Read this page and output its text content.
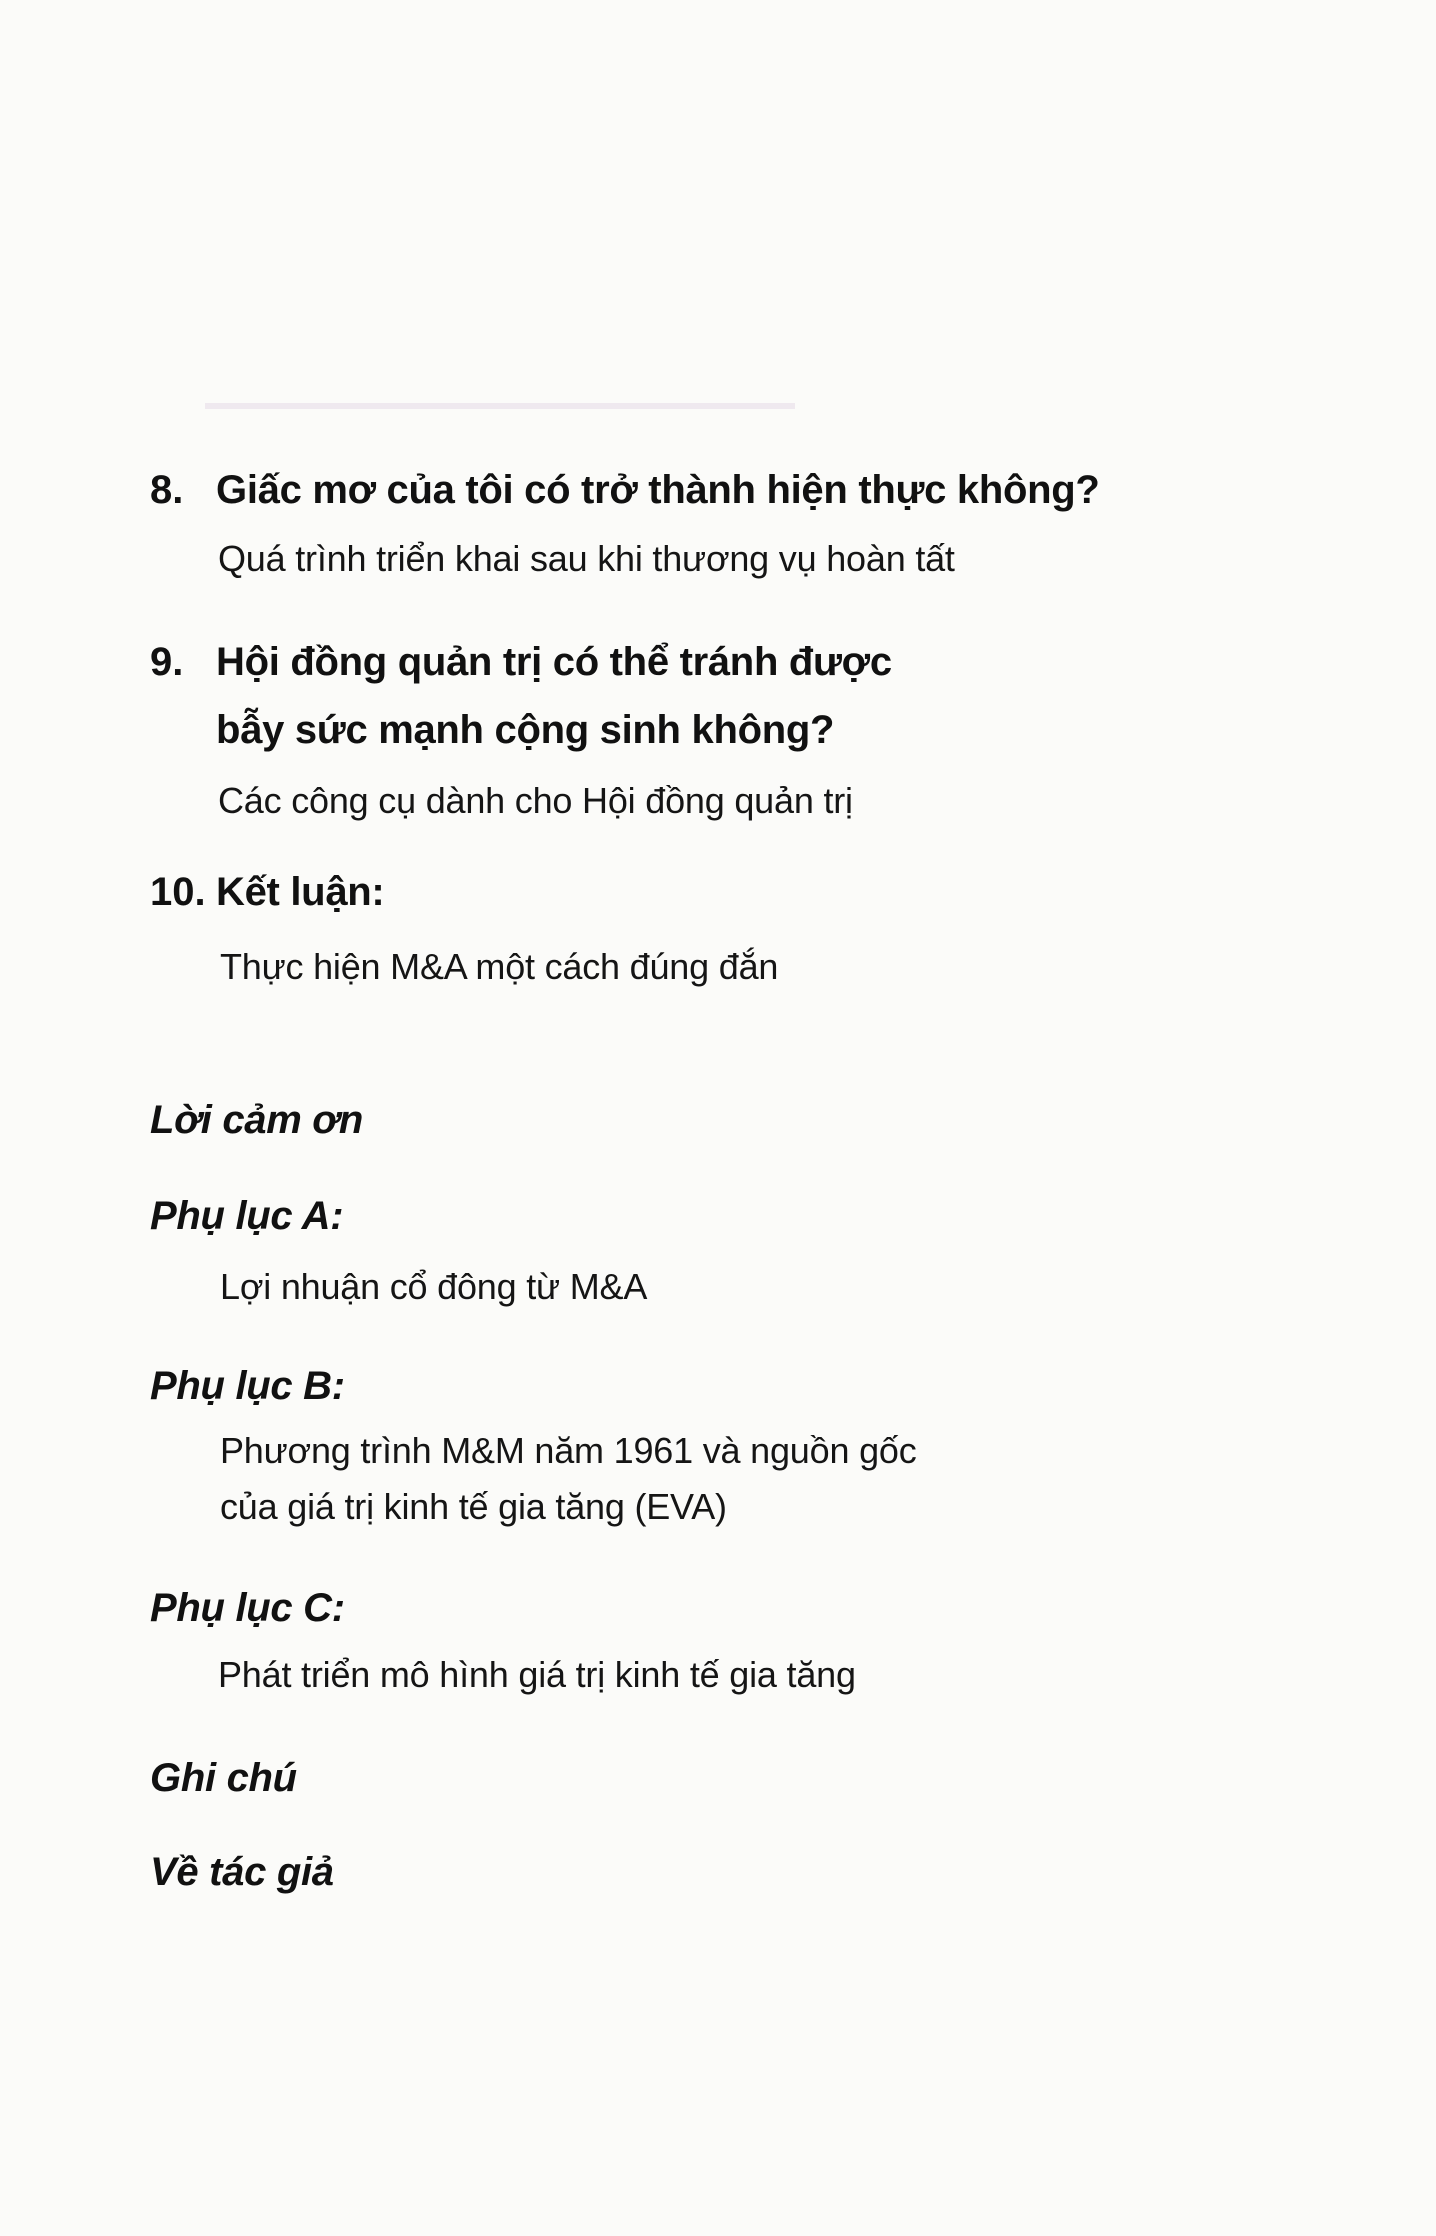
8. Giấc mơ của tôi có trở thành hiện thực không?
Quá trình triển khai sau khi thương vụ hoàn tất
9. Hội đồng quản trị có thể tránh được
bẫy sức mạnh cộng sinh không?
Các công cụ dành cho Hội đồng quản trị
10. Kết luận:
Thực hiện M&A một cách đúng đắn
Lời cảm ơn
Phụ lục A:
Lợi nhuận cổ đông từ M&A
Phụ lục B:
Phương trình M&M năm 1961 và nguồn gốc
của giá trị kinh tế gia tăng (EVA)
Phụ lục C:
Phát triển mô hình giá trị kinh tế gia tăng
Ghi chú
Về tác giả
